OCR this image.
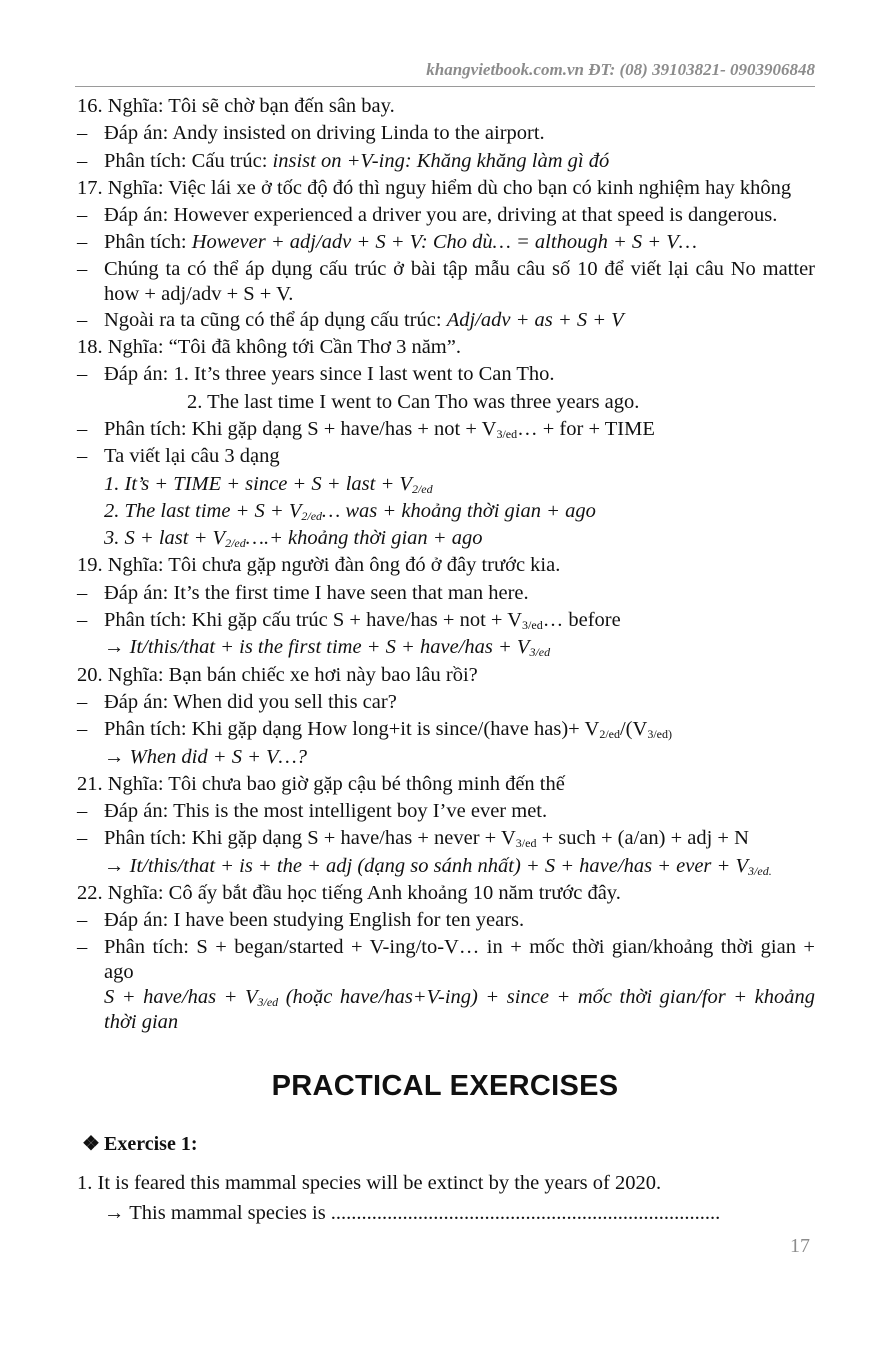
khangvietbook.com.vn ĐT: (08) 39103821- 0903906848
16. Nghĩa: Tôi sẽ chờ bạn đến sân bay.
– Đáp án: Andy insisted on driving Linda to the airport.
– Phân tích: Cấu trúc: insist on +V-ing: Khăng khăng làm gì đó
17. Nghĩa: Việc lái xe ở tốc độ đó thì nguy hiểm dù cho bạn có kinh nghiệm hay không
– Đáp án: However experienced a driver you are, driving at that speed is dangerous.
– Phân tích: However + adj/adv + S + V: Cho dù… = although + S + V…
– Chúng ta có thể áp dụng cấu trúc ở bài tập mẫu câu số 10 để viết lại câu No matter how + adj/adv + S + V.
– Ngoài ra ta cũng có thể áp dụng cấu trúc: Adj/adv + as + S + V
18. Nghĩa: “Tôi đã không tới Cần Thơ 3 năm”.
– Đáp án: 1. It’s three years since I last went to Can Tho.
2. The last time I went to Can Tho was three years ago.
– Phân tích: Khi gặp dạng S + have/has + not + $V_{3/ed}\dots$ + for + TIME
– Ta viết lại câu 3 dạng
1. It’s + TIME + since + S + last + $V_{2/ed}$
2. The last time + $S + V_{2/ed}\dots$ was + khoảng thời gian + ago
3. S + last + $V_{2/ed}\dots.+$ khoảng thời gian + ago
19. Nghĩa: Tôi chưa gặp người đàn ông đó ở đây trước kia.
– Đáp án: It’s the first time I have seen that man here.
– Phân tích: Khi gặp cấu trúc S + have/has + not + $V_{3/ed}\dots$ before
→ It/this/that + is the first time + S + have/has + $V_{3/ed}$
20. Nghĩa: Bạn bán chiếc xe hơi này bao lâu rồi?
– Đáp án: When did you sell this car?
– Phân tích: Khi gặp dạng How long+it is since/(have $has)+ V_{2/ed}/(V_{3/ed)}$
→ When did + S + V…?
21. Nghĩa: Tôi chưa bao giờ gặp cậu bé thông minh đến thế
– Đáp án: This is the most intelligent boy I’ve ever met.
– Phân tích: Khi gặp dạng S + have/has + never + $V_{3/ed}$ + such + (a/an) + adj + N
→ It/this/that + is + the + adj (dạng so sánh nhất) + S + have/has + ever + $V_{3/ed.}$
22. Nghĩa: Cô ấy bắt đầu học tiếng Anh khoảng 10 năm trước đây.
– Đáp án: I have been studying English for ten years.
– Phân tích: S + began/started + V-ing/to-V… in + mốc thời gian/khoảng thời gian + ago
S + have/has + $V_{3/ed}$ (hoặc have/has+V-ing) + since + mốc thời gian/for + khoảng thời gian
PRACTICAL EXERCISES
❖ Exercise 1:
1. It is feared this mammal species will be extinct by the years of 2020.
→ This mammal species is ............................................................................
17
